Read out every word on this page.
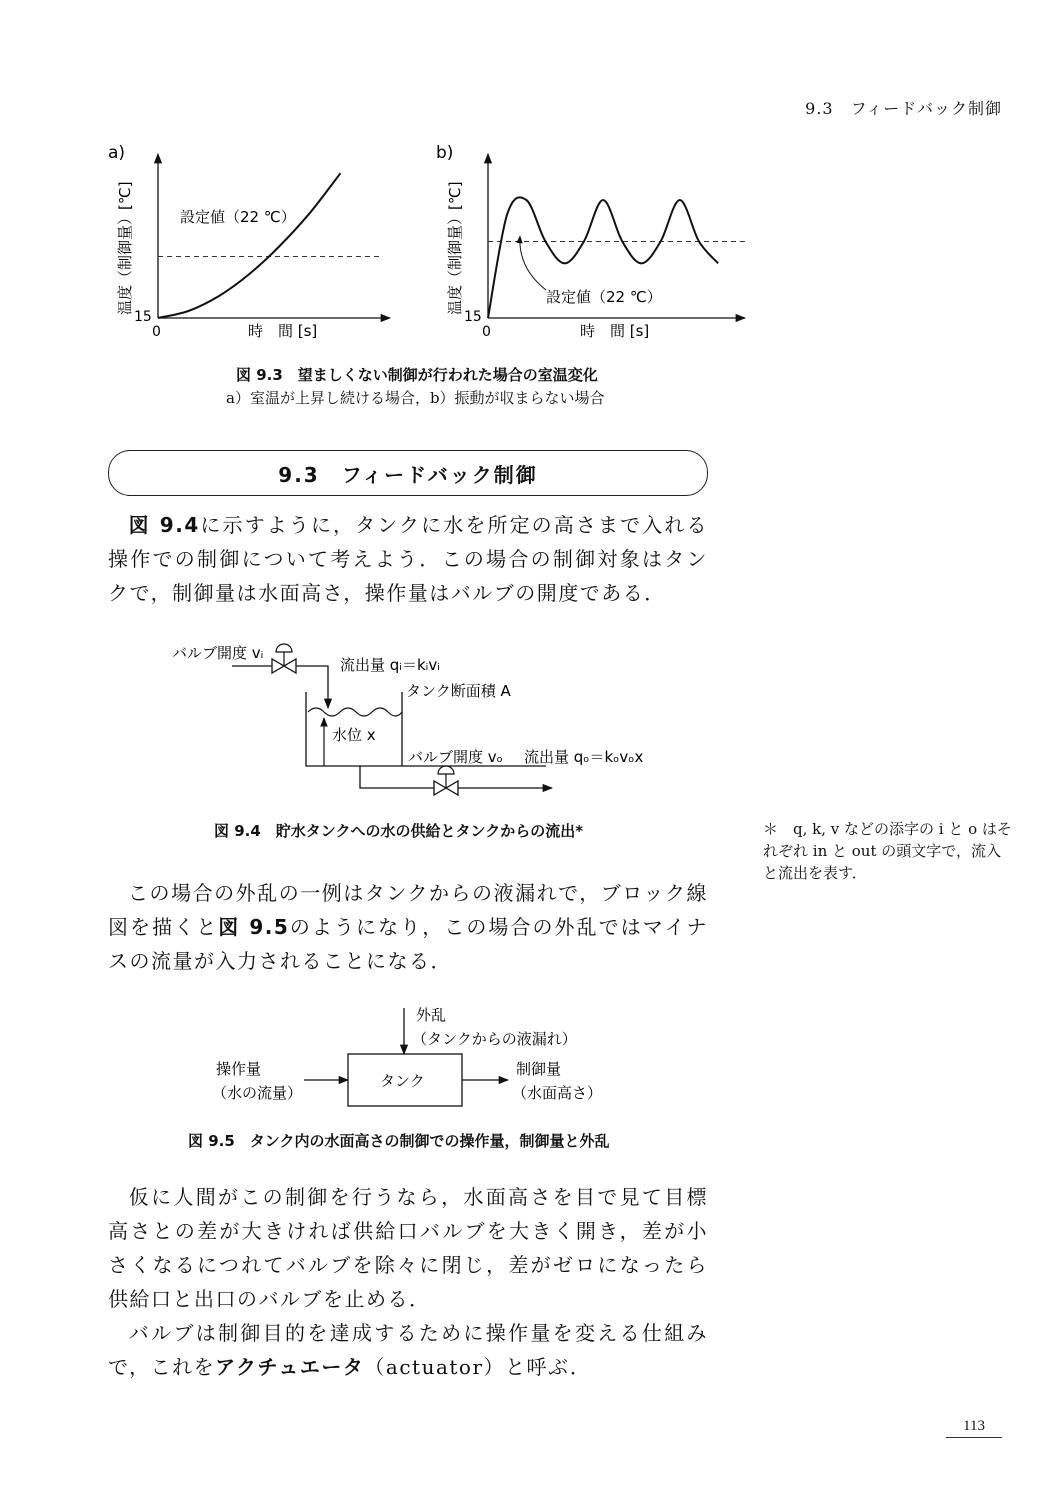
9.3　フィードバック制御
a)
温度（制御量）[℃]
15
0	時　間 [s]
設定値（22 ℃）
b)
温度（制御量）[℃]
15
0	時　間 [s]
設定値（22 ℃）
図 9.3　望ましくない制御が行われた場合の室温変化
a）室温が上昇し続ける場合，b）振動が収まらない場合
9.3　フィードバック制御

図 9.4に示すように，タンクに水を所定の高さまで入れる操作での制御について考えよう．この場合の制御対象はタンクで，制御量は水面高さ，操作量はバルブの開度である．

バルブ開度 vᵢ
流出量 qᵢ＝kᵢvᵢ
タンク断面積 A
水位 x
バルブ開度 vₒ 流出量 qₒ＝kₒvₒx
図 9.4　貯水タンクへの水の供給とタンクからの流出*	＊　q, k, v などの添字の i と o はそれぞれ in と out の頭文字で，流入と流出を表す．

この場合の外乱の一例はタンクからの液漏れで，ブロック線図を描くと図 9.5のようになり，この場合の外乱ではマイナスの流量が入力されることになる．

外乱
（タンクからの液漏れ）
タンク
操作量
（水の流量）
制御量
（水面高さ）
図 9.5　タンク内の水面高さの制御での操作量，制御量と外乱

仮に人間がこの制御を行うなら，水面高さを目で見て目標高さとの差が大きければ供給口バルブを大きく開き，差が小さくなるにつれてバルブを除々に閉じ，差がゼロになったら供給口と出口のバルブを止める．

バルブは制御目的を達成するために操作量を変える仕組みで，これをアクチュエータ（actuator）と呼ぶ．

113
